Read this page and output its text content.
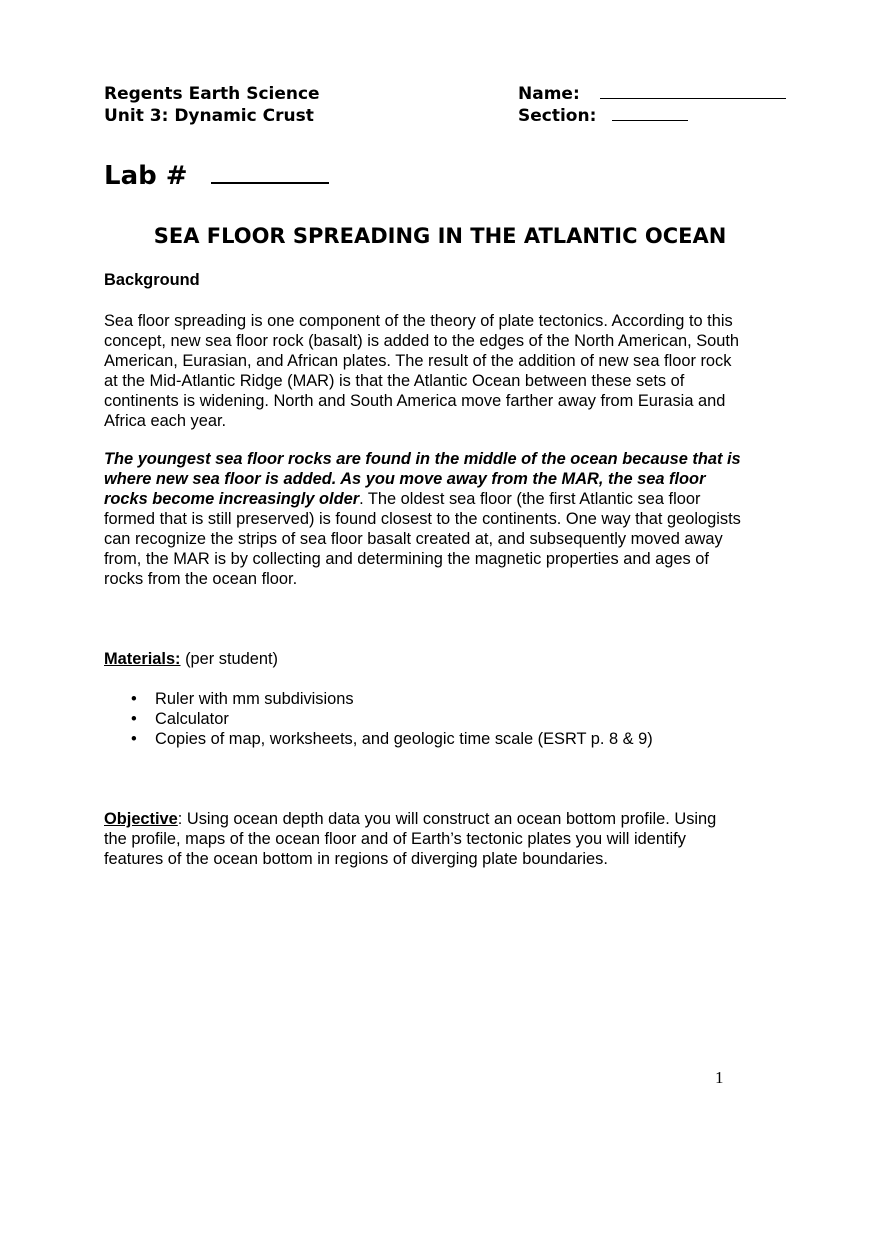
Regents Earth Science
Unit 3: Dynamic Crust
Name:
Section:
Lab #
SEA FLOOR SPREADING IN THE ATLANTIC OCEAN
Background
Sea floor spreading is one component of the theory of plate tectonics. According to this
concept, new sea floor rock (basalt) is added to the edges of the North American, South
American, Eurasian, and African plates. The result of the addition of new sea floor rock
at the Mid-Atlantic Ridge (MAR) is that the Atlantic Ocean between these sets of
continents is widening. North and South America move farther away from Eurasia and
Africa each year.
The youngest sea floor rocks are found in the middle of the ocean because that is
where new sea floor is added. As you move away from the MAR, the sea floor
rocks become increasingly older. The oldest sea floor (the first Atlantic sea floor
formed that is still preserved) is found closest to the continents. One way that geologists
can recognize the strips of sea floor basalt created at, and subsequently moved away
from, the MAR is by collecting and determining the magnetic properties and ages of
rocks from the ocean floor.
Materials: (per student)
• Ruler with mm subdivisions
• Calculator
• Copies of map, worksheets, and geologic time scale (ESRT p. 8 & 9)
Objective: Using ocean depth data you will construct an ocean bottom profile. Using
the profile, maps of the ocean floor and of Earth’s tectonic plates you will identify
features of the ocean bottom in regions of diverging plate boundaries.
1
